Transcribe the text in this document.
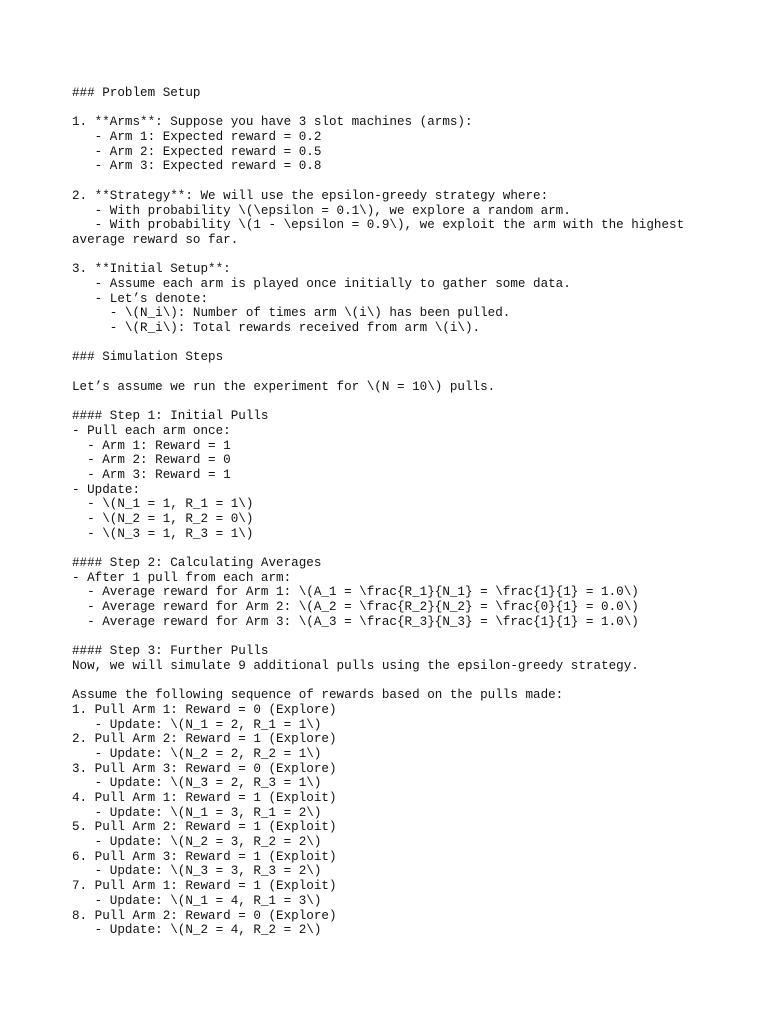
### Problem Setup
1. **Arms**: Suppose you have 3 slot machines (arms):
- Arm 1: Expected reward = 0.2
- Arm 2: Expected reward = 0.5
- Arm 3: Expected reward = 0.8
2. **Strategy**: We will use the epsilon-greedy strategy where:
- With probability \(\epsilon = 0.1\), we explore a random arm.
- With probability \(1 - \epsilon = 0.9\), we exploit the arm with the highest
average reward so far.
3. **Initial Setup**:
- Assume each arm is played once initially to gather some data.
- Let’s denote:
- \(N_i\): Number of times arm \(i\) has been pulled.
- \(R_i\): Total rewards received from arm \(i\).
### Simulation Steps
Let’s assume we run the experiment for \(N = 10\) pulls.
#### Step 1: Initial Pulls
- Pull each arm once:
- Arm 1: Reward = 1
- Arm 2: Reward = 0
- Arm 3: Reward = 1
- Update:
- \(N_1 = 1, R_1 = 1\)
- \(N_2 = 1, R_2 = 0\)
- \(N_3 = 1, R_3 = 1\)
#### Step 2: Calculating Averages
- After 1 pull from each arm:
- Average reward for Arm 1: \(A_1 = \frac{R_1}{N_1} = \frac{1}{1} = 1.0\)
- Average reward for Arm 2: \(A_2 = \frac{R_2}{N_2} = \frac{0}{1} = 0.0\)
- Average reward for Arm 3: \(A_3 = \frac{R_3}{N_3} = \frac{1}{1} = 1.0\)
#### Step 3: Further Pulls
Now, we will simulate 9 additional pulls using the epsilon-greedy strategy.
Assume the following sequence of rewards based on the pulls made:
1. Pull Arm 1: Reward = 0 (Explore)
- Update: \(N_1 = 2, R_1 = 1\)
2. Pull Arm 2: Reward = 1 (Explore)
- Update: \(N_2 = 2, R_2 = 1\)
3. Pull Arm 3: Reward = 0 (Explore)
- Update: \(N_3 = 2, R_3 = 1\)
4. Pull Arm 1: Reward = 1 (Exploit)
- Update: \(N_1 = 3, R_1 = 2\)
5. Pull Arm 2: Reward = 1 (Exploit)
- Update: \(N_2 = 3, R_2 = 2\)
6. Pull Arm 3: Reward = 1 (Exploit)
- Update: \(N_3 = 3, R_3 = 2\)
7. Pull Arm 1: Reward = 1 (Exploit)
- Update: \(N_1 = 4, R_1 = 3\)
8. Pull Arm 2: Reward = 0 (Explore)
- Update: \(N_2 = 4, R_2 = 2\)
